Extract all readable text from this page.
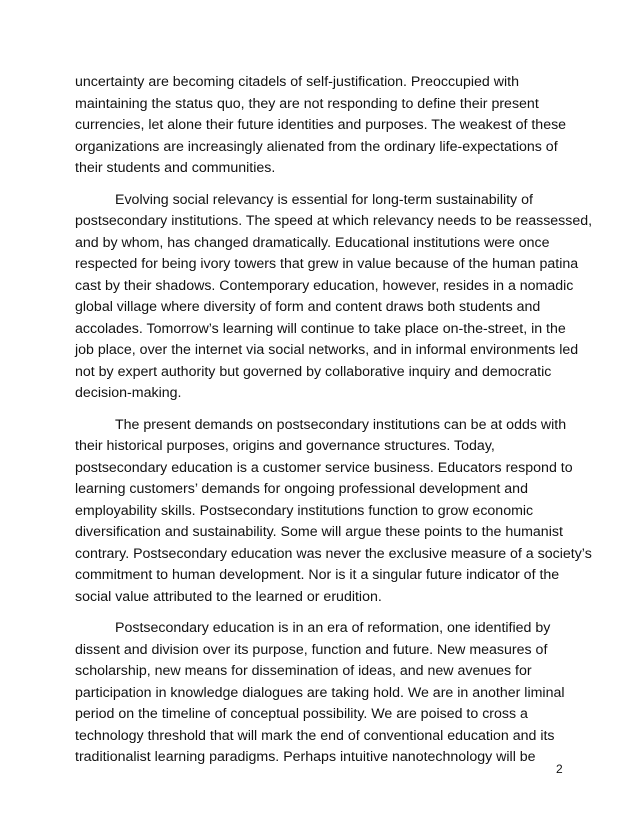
uncertainty are becoming citadels of self-justification. Preoccupied with
maintaining the status quo, they are not responding to define their present
currencies, let alone their future identities and purposes. The weakest of these
organizations are increasingly alienated from the ordinary life-expectations of
their students and communities.

Evolving social relevancy is essential for long-term sustainability of
postsecondary institutions. The speed at which relevancy needs to be reassessed,
and by whom, has changed dramatically. Educational institutions were once
respected for being ivory towers that grew in value because of the human patina
cast by their shadows. Contemporary education, however, resides in a nomadic
global village where diversity of form and content draws both students and
accolades. Tomorrow’s learning will continue to take place on-the-street, in the
job place, over the internet via social networks, and in informal environments led
not by expert authority but governed by collaborative inquiry and democratic
decision-making.

The present demands on postsecondary institutions can be at odds with
their historical purposes, origins and governance structures. Today,
postsecondary education is a customer service business. Educators respond to
learning customers’ demands for ongoing professional development and
employability skills. Postsecondary institutions function to grow economic
diversification and sustainability. Some will argue these points to the humanist
contrary. Postsecondary education was never the exclusive measure of a society’s
commitment to human development. Nor is it a singular future indicator of the
social value attributed to the learned or erudition.

Postsecondary education is in an era of reformation, one identified by
dissent and division over its purpose, function and future. New measures of
scholarship, new means for dissemination of ideas, and new avenues for
participation in knowledge dialogues are taking hold. We are in another liminal
period on the timeline of conceptual possibility. We are poised to cross a
technology threshold that will mark the end of conventional education and its
traditionalist learning paradigms. Perhaps intuitive nanotechnology will be

2
